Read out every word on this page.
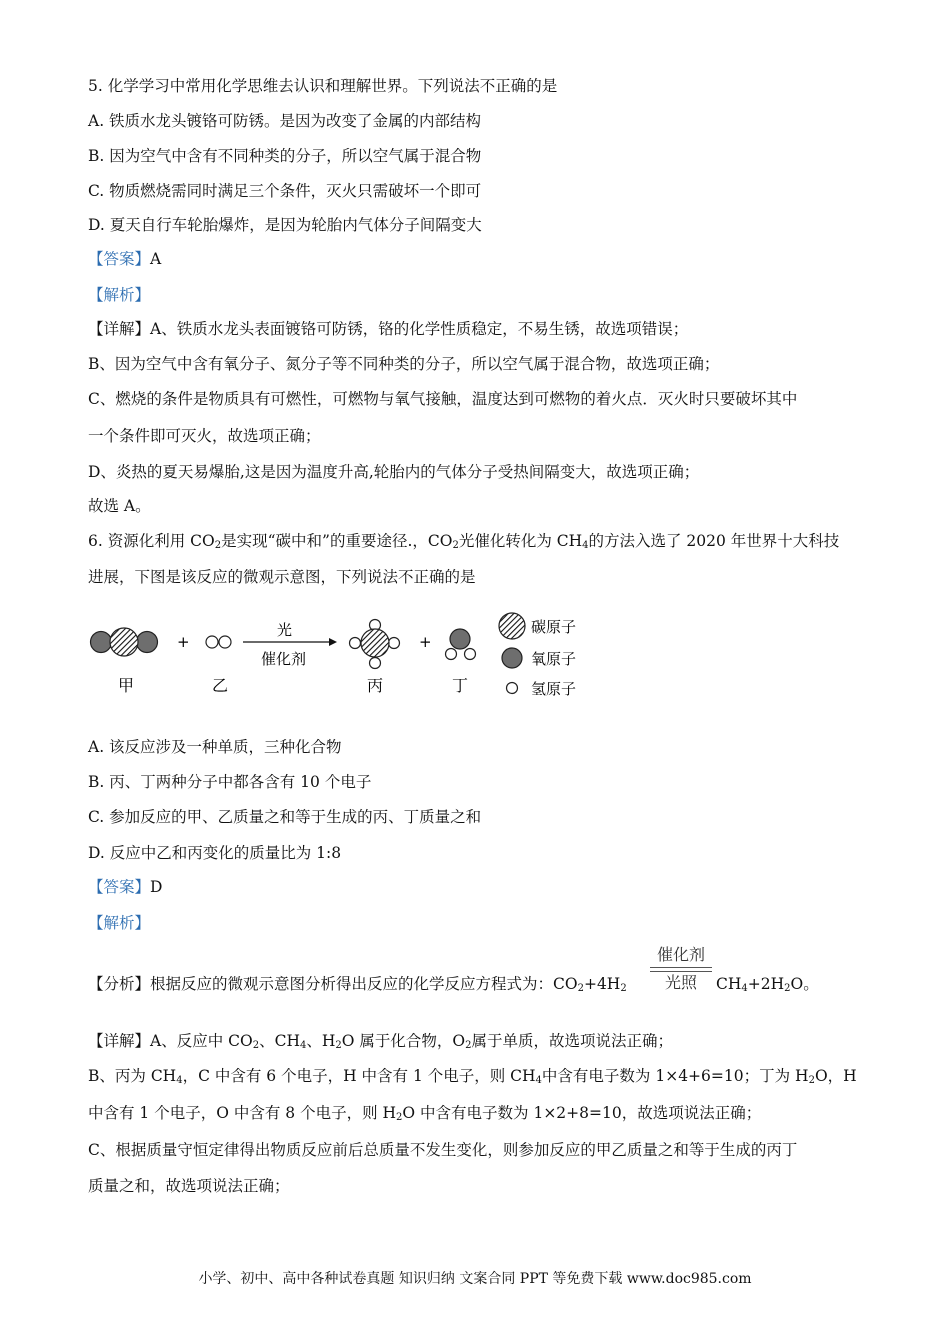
5. 化学学习中常用化学思维去认识和理解世界。下列说法不正确的是
A. 铁质水龙头镀铬可防锈。是因为改变了金属的内部结构
B. 因为空气中含有不同种类的分子，所以空气属于混合物
C. 物质燃烧需同时满足三个条件，灭火只需破坏一个即可
D. 夏天自行车轮胎爆炸，是因为轮胎内气体分子间隔变大
【答案】A
【解析】
【详解】A、铁质水龙头表面镀铬可防锈，铬的化学性质稳定，不易生锈，故选项错误；
B、因为空气中含有氧分子、氮分子等不同种类的分子，所以空气属于混合物，故选项正确；
C、燃烧的条件是物质具有可燃性，可燃物与氧气接触，温度达到可燃物的着火点．灭火时只要破坏其中
一个条件即可灭火，故选项正确；
D、炎热的夏天易爆胎,这是因为温度升高,轮胎内的气体分子受热间隔变大，故选项正确；
故选 A。
6. 资源化利用 $CO_2$是实现“碳中和”的重要途径.，$CO_2$光催化转化为 $CH_4$的方法入选了 2020 年世界十大科技
进展，下图是该反应的微观示意图，下列说法不正确的是
+
光
催化剂
+
甲	乙	丙	丁
碳原子
氧原子
氢原子
A. 该反应涉及一种单质，三种化合物
B. 丙、丁两种分子中都各含有 10 个电子
C. 参加反应的甲、乙质量之和等于生成的丙、丁质量之和
D. 反应中乙和丙变化的质量比为 1:8
【答案】D
【解析】
【分析】根据反应的微观示意图分析得出反应的化学反应方程式为：$CO_2+4H_2$
催化剂
光照	$CH_4+2H_2O$。
【详解】A、反应中 $CO_2$、$CH_4$、$H_2O$ 属于化合物，$O_2$属于单质，故选项说法正确；
B、丙为 $CH_4$，C 中含有 6 个电子，H 中含有 1 个电子，则 $CH_4$中含有电子数为 1×4+6=10；丁为 $H_2O$，H
中含有 1 个电子，O 中含有 8 个电子，则 $H_2O$ 中含有电子数为 1×2+8=10，故选项说法正确；
C、根据质量守恒定律得出物质反应前后总质量不发生变化，则参加反应的甲乙质量之和等于生成的丙丁
质量之和，故选项说法正确；
小学、初中、高中各种试卷真题 知识归纳 文案合同 PPT 等免费下载 www.doc985.com
